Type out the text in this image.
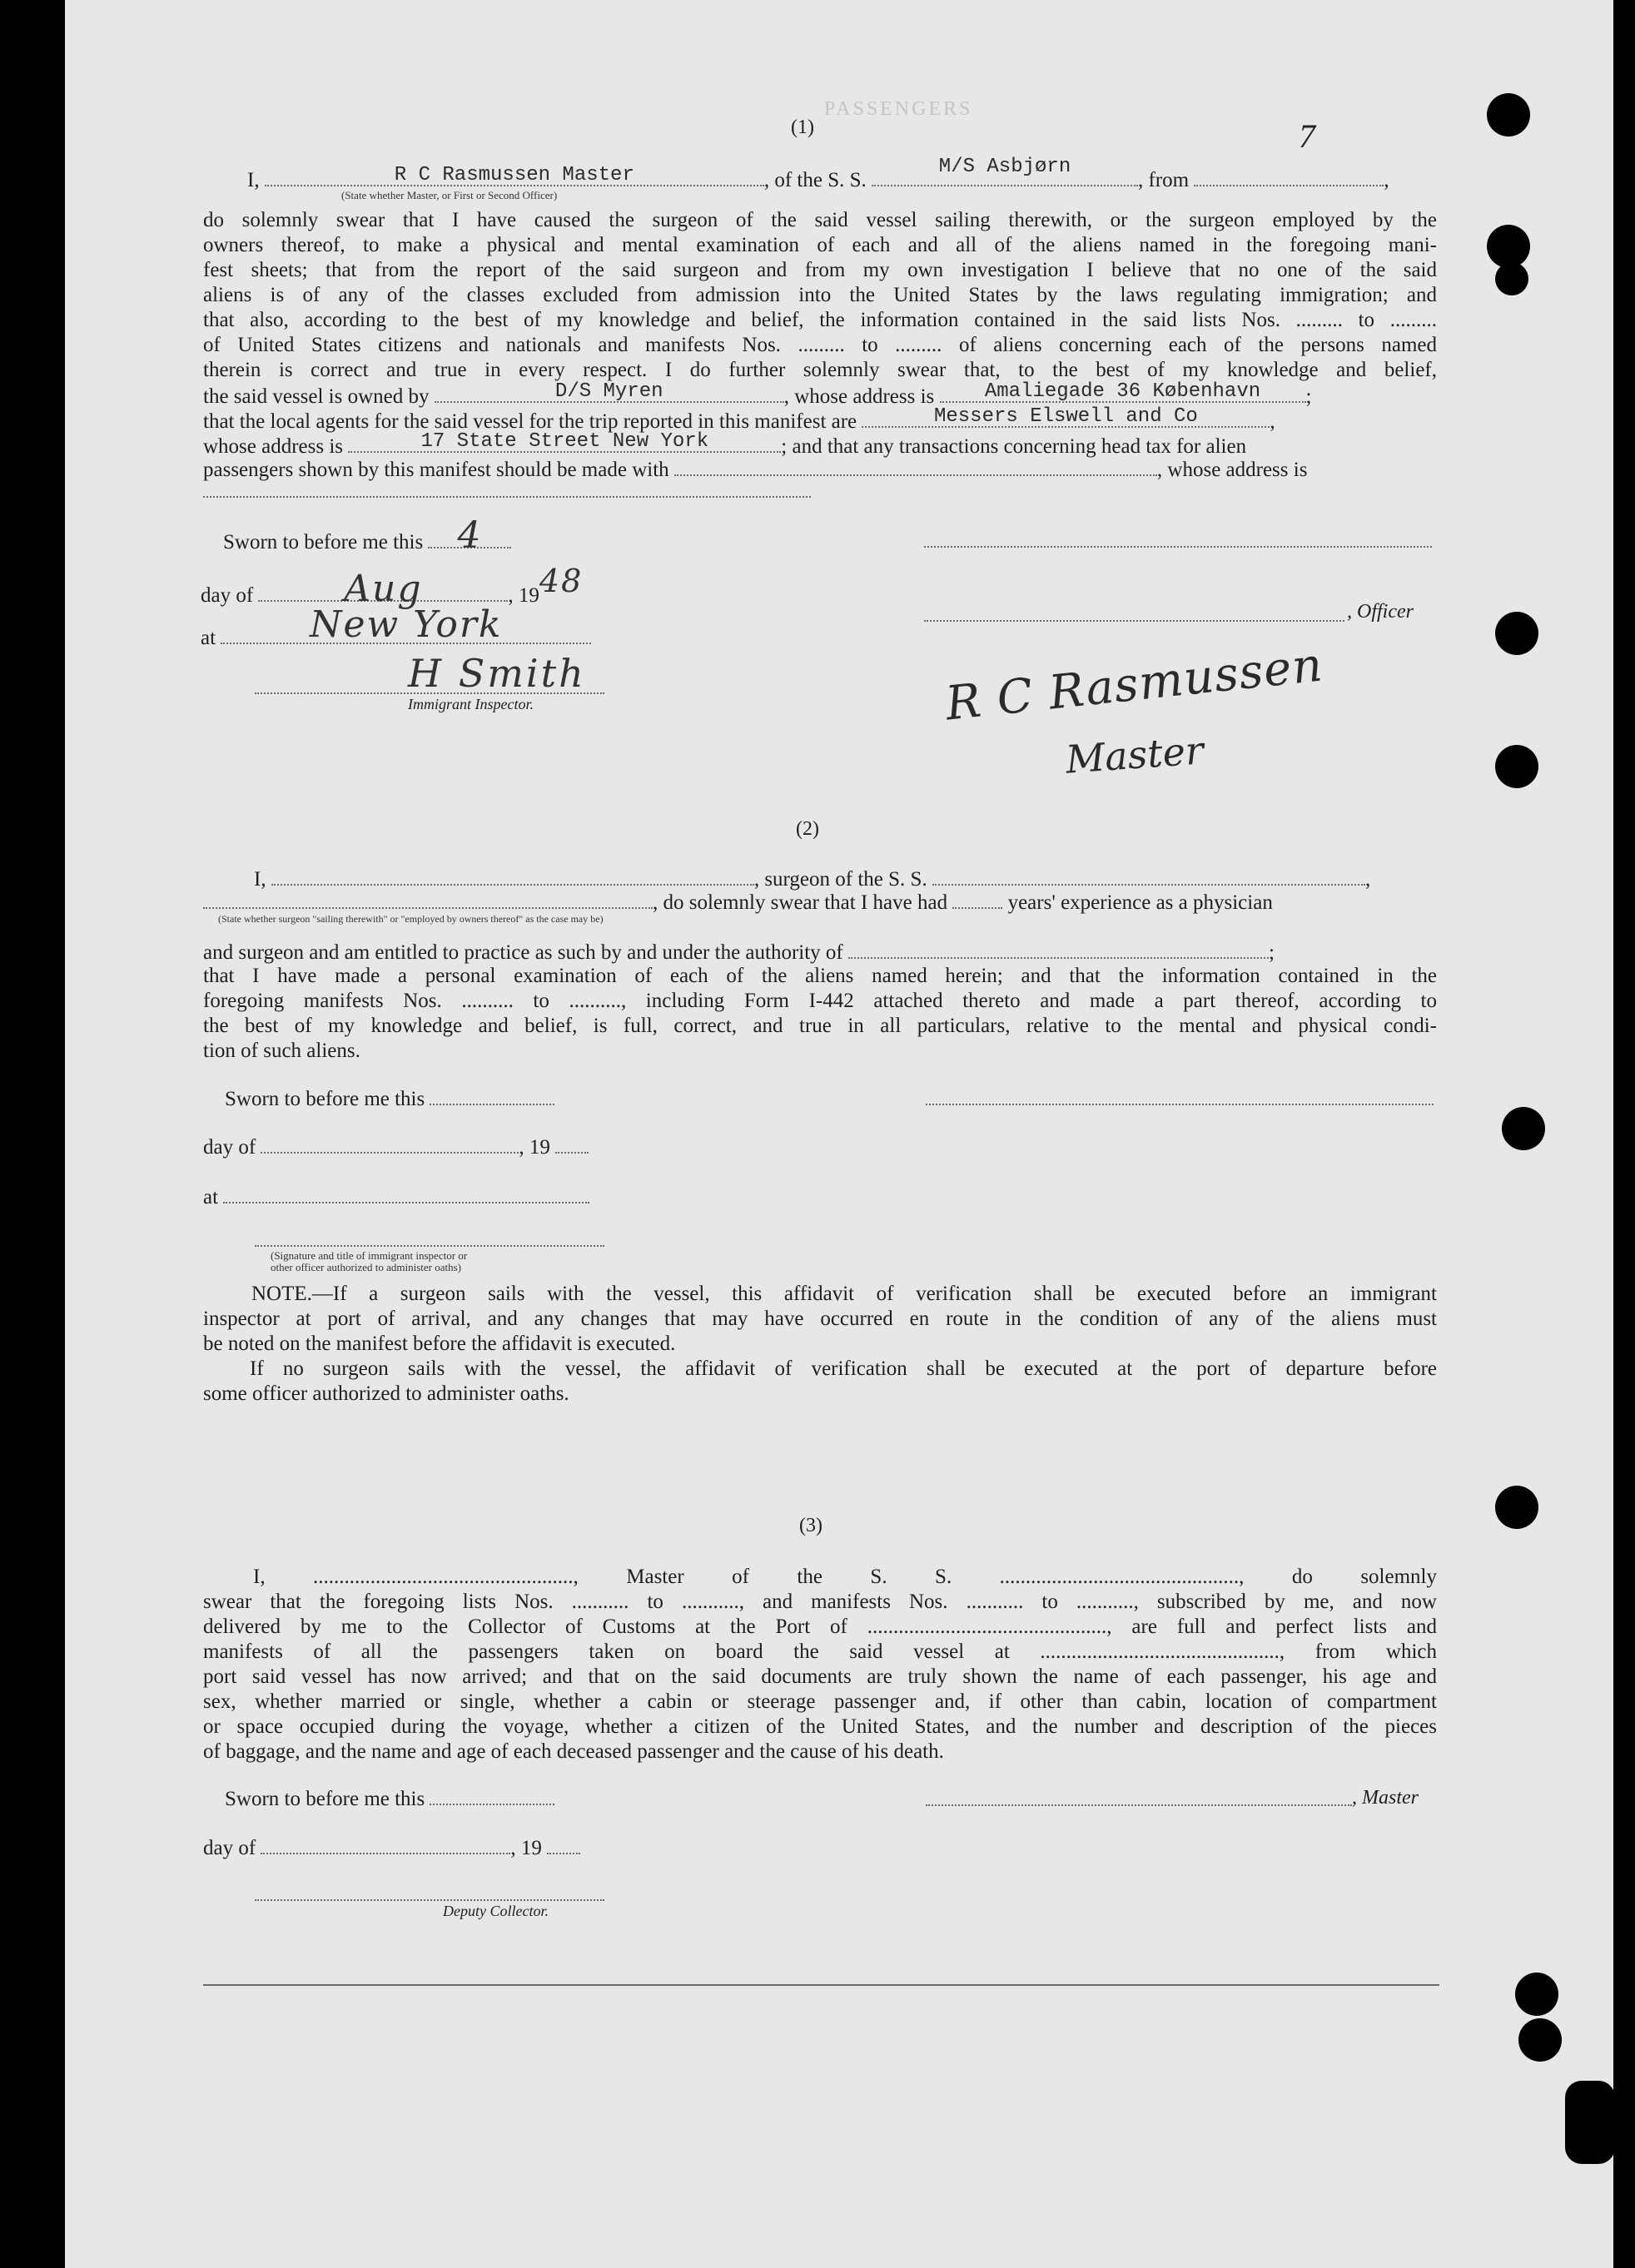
PASSENGERS
7
(1)
I,	R C Rasmussen Master	, of the S. S.
M/S Asbjørn
, from	,
(State whether Master, or First or Second Officer)
do solemnly swear that I have caused the surgeon of the said vessel sailing therewith, or the surgeon employed by the
owners thereof, to make a physical and mental examination of each and all of the aliens named in the foregoing mani-
fest sheets; that from the report of the said surgeon and from my own investigation I believe that no one of the said
aliens is of any of the classes excluded from admission into the United States by the laws regulating immigration; and
that also, according to the best of my knowledge and belief, the information contained in the said lists Nos. ......... to .........
of United States citizens and nationals and manifests Nos. ......... to ......... of aliens concerning each of the persons named
therein is correct and true in every respect. I do further solemnly swear that, to the best of my knowledge and belief,
the said vessel is owned by	D/S Myren	, whose address is	Amaliegade 36 København	;
that the local agents for the said vessel for the trip reported in this manifest are	Messers Elswell and Co	,
whose address is	17 State Street New York	; and that any transactions concerning head tax for alien
passengers shown by this manifest should be made with	, whose address is
Sworn to before me this 4
day of	Aug	, 1948
, Officer
at	New York
H Smith
Immigrant Inspector.	R C Rasmussen
Master
(2)
I,	, surgeon of the S. S.	,
, do solemnly swear that I have had	years' experience as a physician
(State whether surgeon "sailing therewith" or "employed by owners thereof" as the case may be)
and surgeon and am entitled to practice as such by and under the authority of	;
that I have made a personal examination of each of the aliens named herein; and that the information contained in the
foregoing manifests Nos. .......... to .........., including Form I-442 attached thereto and made a part thereof, according to
the best of my knowledge and belief, is full, correct, and true in all particulars, relative to the mental and physical condi-
tion of such aliens.
Sworn to before me this
day of	, 19
at
(Signature and title of immigrant inspector or
other officer authorized to administer oaths)
NOTE.—If a surgeon sails with the vessel, this affidavit of verification shall be executed before an immigrant
inspector at port of arrival, and any changes that may have occurred en route in the condition of any of the aliens must
be noted on the manifest before the affidavit is executed.
If no surgeon sails with the vessel, the affidavit of verification shall be executed at the port of departure before
some officer authorized to administer oaths.
(3)
I, .................................................., Master of the S. S. .............................................., do solemnly
swear that the foregoing lists Nos. ........... to ..........., and manifests Nos. ........... to ..........., subscribed by me, and now
delivered by me to the Collector of Customs at the Port of .............................................., are full and perfect lists and
manifests of all the passengers taken on board the said vessel at .............................................., from which
port said vessel has now arrived; and that on the said documents are truly shown the name of each passenger, his age and
sex, whether married or single, whether a cabin or steerage passenger and, if other than cabin, location of compartment
or space occupied during the voyage, whether a citizen of the United States, and the number and description of the pieces
of baggage, and the name and age of each deceased passenger and the cause of his death.
Sworn to before me this	, Master
day of	, 19
Deputy Collector.
